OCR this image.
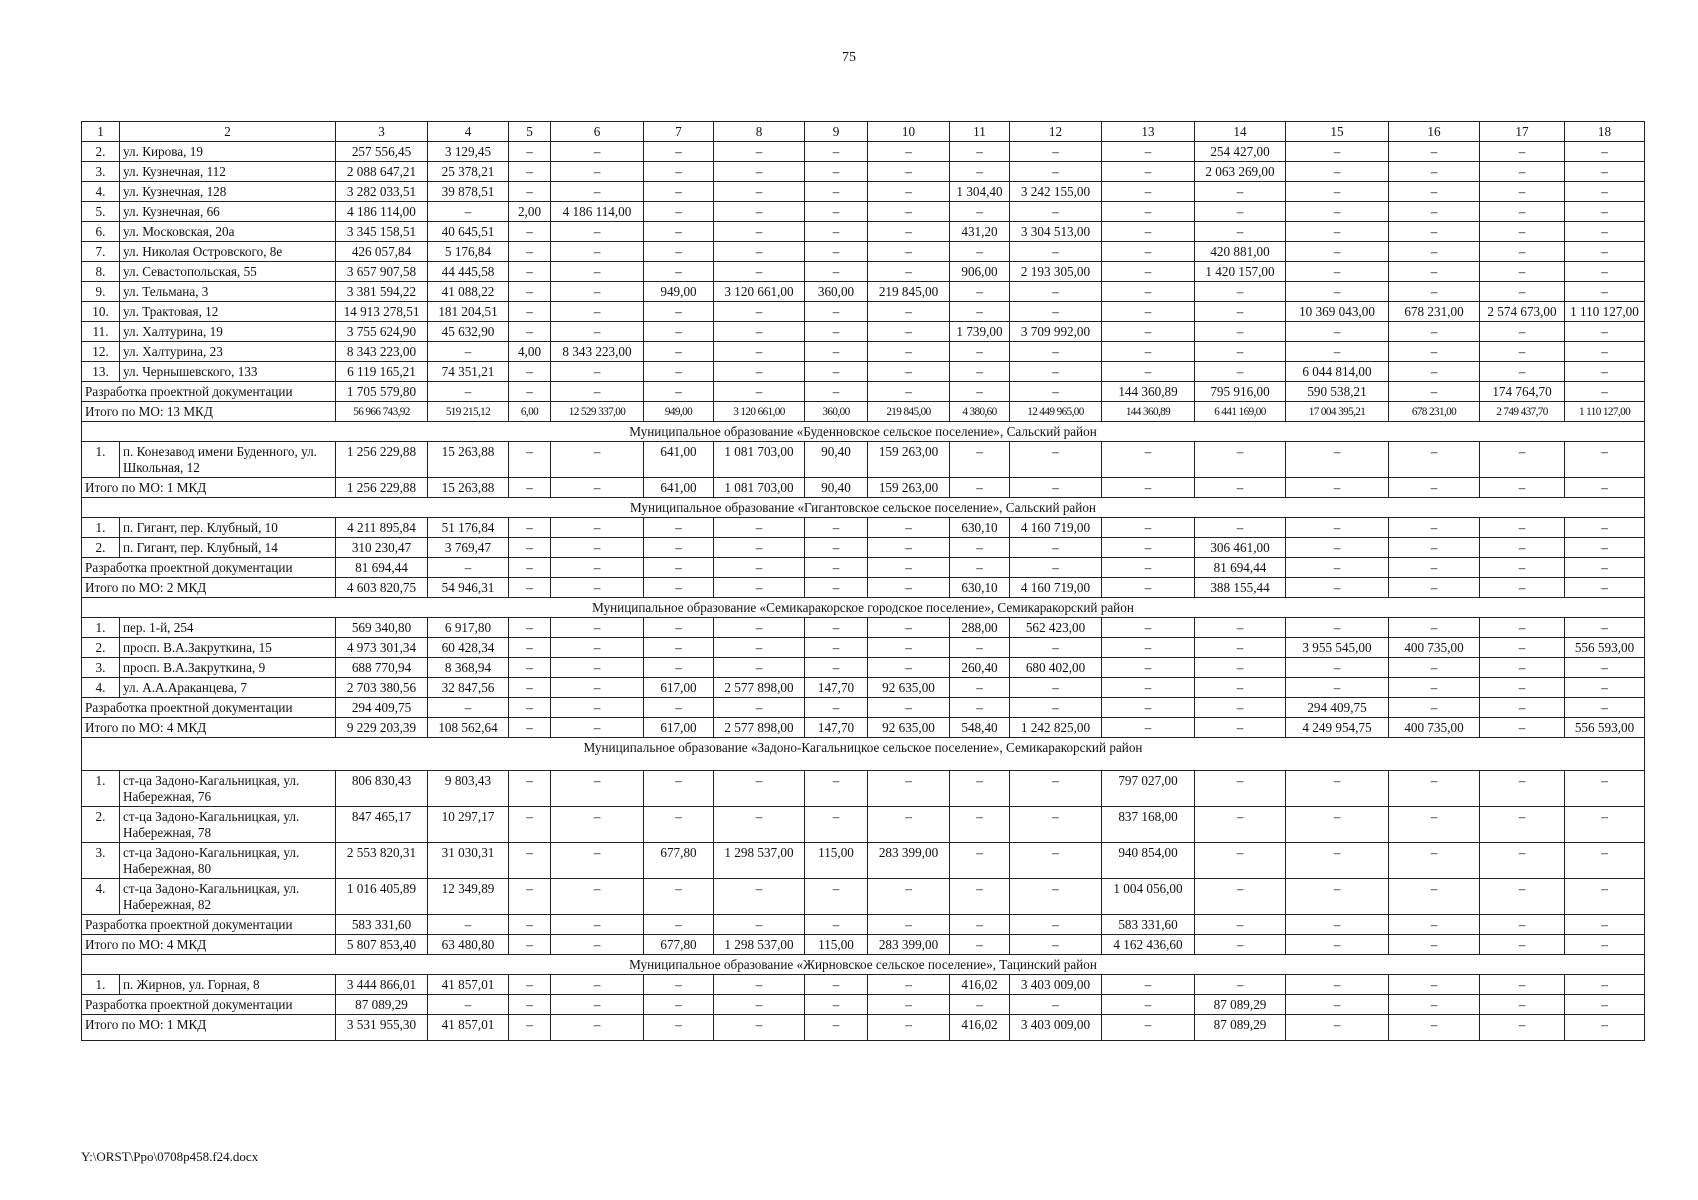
75
1	2	3	4	5	6	7	8	9	10	11	12	13	14	15	16	17	18
2.	ул. Кирова, 19	257 556,45	3 129,45	–	–	–	–	–	–	–	–	–	254 427,00	–	–	–	–
3.	ул. Кузнечная, 112	2 088 647,21	25 378,21	–	–	–	–	–	–	–	–	–	2 063 269,00	–	–	–	–
4.	ул. Кузнечная, 128	3 282 033,51	39 878,51	–	–	–	–	–	–	1 304,40	3 242 155,00	–	–	–	–	–	–
5.	ул. Кузнечная, 66	4 186 114,00	–	2,00	4 186 114,00	–	–	–	–	–	–	–	–	–	–	–	–
6.	ул. Московская, 20а	3 345 158,51	40 645,51	–	–	–	–	–	–	431,20	3 304 513,00	–	–	–	–	–	–
7.	ул. Николая Островского, 8е	426 057,84	5 176,84	–	–	–	–	–	–	–	–	–	420 881,00	–	–	–	–
8.	ул. Севастопольская, 55	3 657 907,58	44 445,58	–	–	–	–	–	–	906,00	2 193 305,00	–	1 420 157,00	–	–	–	–
9.	ул. Тельмана, 3	3 381 594,22	41 088,22	–	–	949,00	3 120 661,00	360,00	219 845,00	–	–	–	–	–	–	–	–
10.	ул. Трактовая, 12	14 913 278,51	181 204,51	–	–	–	–	–	–	–	–	–	–	10 369 043,00	678 231,00	2 574 673,00	1 110 127,00
11.	ул. Халтурина, 19	3 755 624,90	45 632,90	–	–	–	–	–	–	1 739,00	3 709 992,00	–	–	–	–	–	–
12.	ул. Халтурина, 23	8 343 223,00	–	4,00	8 343 223,00	–	–	–	–	–	–	–	–	–	–	–	–
13.	ул. Чернышевского, 133	6 119 165,21	74 351,21	–	–	–	–	–	–	–	–	–	–	6 044 814,00	–	–	–
Разработка проектной документации		1 705 579,80	–	–	–	–	–	–	–	–	–	144 360,89	795 916,00	590 538,21	–	174 764,70	–
Итого по МО: 13 МКД		56 966 743,92	519 215,12	6,00	12 529 337,00	949,00	3 120 661,00	360,00	219 845,00	4 380,60	12 449 965,00	144 360,89	6 441 169,00	17 004 395,21	678 231,00	2 749 437,70	1 110 127,00
Муниципальное образование «Буденновское сельское поселение», Сальский район																	
1.	п. Конезавод имени Буденного, ул. Школьная, 12	1 256 229,88	15 263,88	–	–	641,00	1 081 703,00	90,40	159 263,00	–	–	–	–	–	–	–	–
Итого по МО: 1 МКД		1 256 229,88	15 263,88	–	–	641,00	1 081 703,00	90,40	159 263,00	–	–	–	–	–	–	–	–
Муниципальное образование «Гигантовское сельское поселение», Сальский район																	
1.	п. Гигант, пер. Клубный, 10	4 211 895,84	51 176,84	–	–	–	–	–	–	630,10	4 160 719,00	–	–	–	–	–	–
2.	п. Гигант, пер. Клубный, 14	310 230,47	3 769,47	–	–	–	–	–	–	–	–	–	306 461,00	–	–	–	–
Разработка проектной документации		81 694,44	–	–	–	–	–	–	–	–	–	–	81 694,44	–	–	–	–
Итого по МО: 2 МКД		4 603 820,75	54 946,31	–	–	–	–	–	–	630,10	4 160 719,00	–	388 155,44	–	–	–	–
Муниципальное образование «Семикаракорское городское поселение», Семикаракорский район																	
1.	пер. 1-й, 254	569 340,80	6 917,80	–	–	–	–	–	–	288,00	562 423,00	–	–	–	–	–	–
2.	просп. В.А.Закруткина, 15	4 973 301,34	60 428,34	–	–	–	–	–	–	–	–	–	–	3 955 545,00	400 735,00	–	556 593,00
3.	просп. В.А.Закруткина, 9	688 770,94	8 368,94	–	–	–	–	–	–	260,40	680 402,00	–	–	–	–	–	–
4.	ул. А.А.Араканцева, 7	2 703 380,56	32 847,56	–	–	617,00	2 577 898,00	147,70	92 635,00	–	–	–	–	–	–	–	–
Разработка проектной документации		294 409,75	–	–	–	–	–	–	–	–	–	–	–	294 409,75	–	–	–
Итого по МО: 4 МКД		9 229 203,39	108 562,64	–	–	617,00	2 577 898,00	147,70	92 635,00	548,40	1 242 825,00	–	–	4 249 954,75	400 735,00	–	556 593,00
Муниципальное образование «Задоно-Кагальницкое сельское поселение», Семикаракорский район																	
1.	ст-ца Задоно-Кагальницкая, ул. Набережная, 76	806 830,43	9 803,43	–	–	–	–	–	–	–	–	797 027,00	–	–	–	–	–
2.	ст-ца Задоно-Кагальницкая, ул. Набережная, 78	847 465,17	10 297,17	–	–	–	–	–	–	–	–	837 168,00	–	–	–	–	–
3.	ст-ца Задоно-Кагальницкая, ул. Набережная, 80	2 553 820,31	31 030,31	–	–	677,80	1 298 537,00	115,00	283 399,00	–	–	940 854,00	–	–	–	–	–
4.	ст-ца Задоно-Кагальницкая, ул. Набережная, 82	1 016 405,89	12 349,89	–	–	–	–	–	–	–	–	1 004 056,00	–	–	–	–	–
Разработка проектной документации		583 331,60	–	–	–	–	–	–	–	–	–	583 331,60	–	–	–	–	–
Итого по МО: 4 МКД		5 807 853,40	63 480,80	–	–	677,80	1 298 537,00	115,00	283 399,00	–	–	4 162 436,60	–	–	–	–	–
Муниципальное образование «Жирновское сельское поселение», Тацинский район																	
1.	п. Жирнов, ул. Горная, 8	3 444 866,01	41 857,01	–	–	–	–	–	–	416,02	3 403 009,00	–	–	–	–	–	–
Разработка проектной документации		87 089,29	–	–	–	–	–	–	–	–	–	–	87 089,29	–	–	–	–
Итого по МО: 1 МКД		3 531 955,30	41 857,01	–	–	–	–	–	–	416,02	3 403 009,00	–	87 089,29	–	–	–	–
Y:\ORST\Ppo\0708p458.f24.docx
